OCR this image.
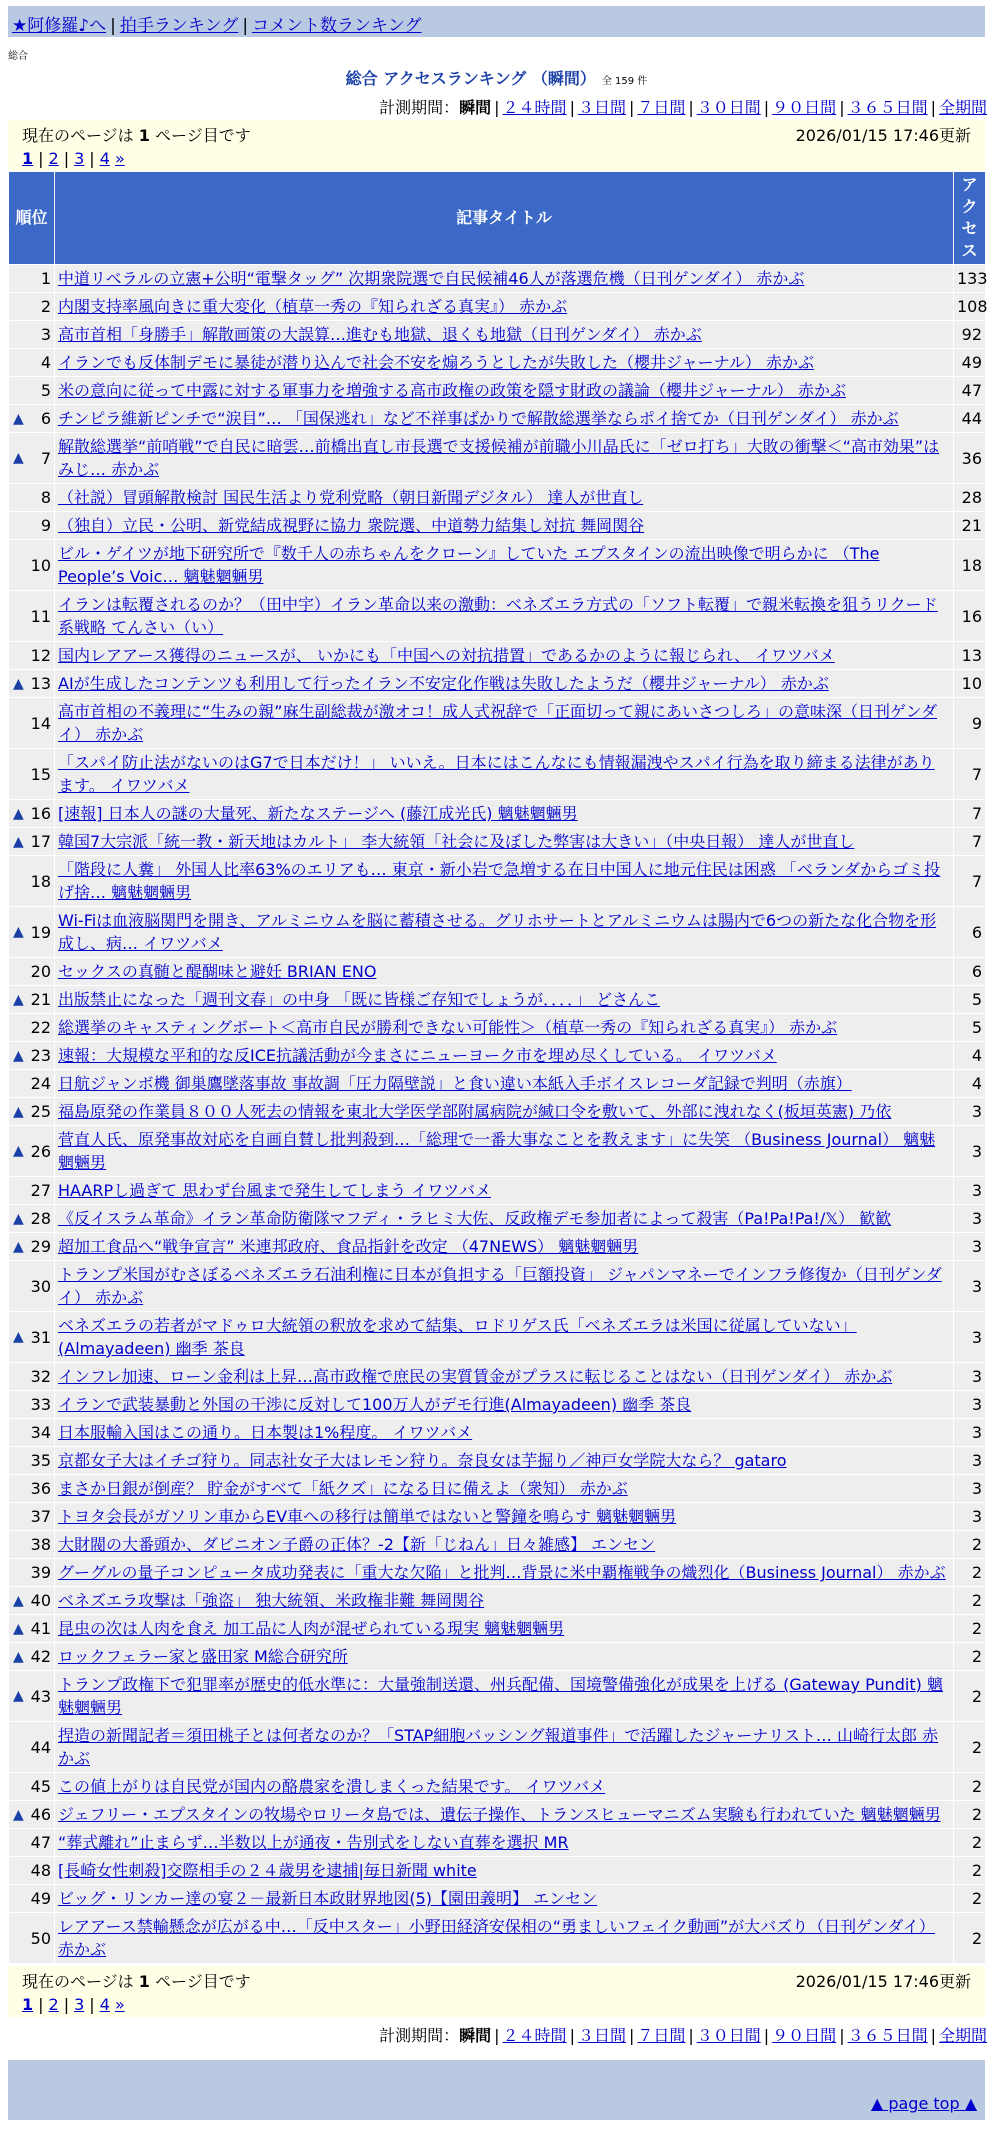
★阿修羅♪へ | 拍手ランキング | コメント数ランキング
総合
総合 アクセスランキング （瞬間） 全 159 件
計測期間：瞬間 | ２４時間 | ３日間 | ７日間 | ３０日間 | ９０日間 | ３６５日間 | 全期間
現在のページは 1 ページ目です	2026/01/15 17:46更新
1 | 2 | 3 | 4 »
順位	記事タイトル	アクセス
1	中道リベラルの立憲+公明“電撃タッグ” 次期衆院選で自民候補46人が落選危機（日刊ゲンダイ） 赤かぶ	133
2	内閣支持率風向きに重大変化（植草一秀の『知られざる真実』） 赤かぶ	108
3	高市首相「身勝手」解散画策の大誤算…進むも地獄、退くも地獄（日刊ゲンダイ） 赤かぶ	92
4	イランでも反体制デモに暴徒が潜り込んで社会不安を煽ろうとしたが失敗した（櫻井ジャーナル） 赤かぶ	49
5	米の意向に従って中露に対する軍事力を増強する高市政権の政策を隠す財政の議論（櫻井ジャーナル） 赤かぶ	47

▲ 6	チンピラ維新ピンチで“涙目”… 「国保逃れ」など不祥事ばかりで解散総選挙ならポイ捨てか（日刊ゲンダイ） 赤かぶ	44

▲ 7	解散総選挙“前哨戦”で自民に暗雲…前橋出直し市長選で支援候補が前職小川晶氏に「ゼロ打ち」大敗の衝撃＜“高市効果”はみじ… 赤かぶ	36
8	（社説）冒頭解散検討 国民生活より党利党略（朝日新聞デジタル） 達人が世直し	28
9	（独自）立民・公明、新党結成視野に協力 衆院選、中道勢力結集し対抗 舞岡関谷	21
10	ビル・ゲイツが地下研究所で『数千人の赤ちゃんをクローン』していた エプスタインの流出映像で明らかに （The People’s Voic… 魑魅魍魎男	18
11	イランは転覆されるのか？（田中宇）イラン革命以来の激動：ベネズエラ方式の「ソフト転覆」で親米転換を狙うリクード系戦略 てんさい（い）	16
12	国内レアアース獲得のニュースが、 いかにも「中国への対抗措置」であるかのように報じられ、 イワツバメ	13

▲ 13	AIが生成したコンテンツも利用して行ったイラン不安定化作戦は失敗したようだ（櫻井ジャーナル） 赤かぶ	10
14	高市首相の不義理に“生みの親”麻生副総裁が激オコ！成人式祝辞で「正面切って親にあいさつしろ」の意味深（日刊ゲンダイ） 赤かぶ	9
15	「スパイ防止法がないのはG7で日本だけ！」 いいえ。日本にはこんなにも情報漏洩やスパイ行為を取り締まる法律があります。 イワツバメ	7

▲ 16	[速報] 日本人の謎の大量死、新たなステージへ (藤江成光氏) 魑魅魍魎男	7

▲ 17	韓国7大宗派「統一教・新天地はカルト」 李大統領「社会に及ぼした弊害は大きい」（中央日報） 達人が世直し	7
18	「階段に人糞」 外国人比率63%のエリアも… 東京・新小岩で急増する在日中国人に地元住民は困惑 「ベランダからゴミ投げ捨… 魑魅魍魎男	7

▲ 19	Wi-Fiは血液脳関門を開き、アルミニウムを脳に蓄積させる。グリホサートとアルミニウムは腸内で6つの新たな化合物を形成し、病… イワツバメ	6
20	セックスの真髄と醍醐味と避妊 BRIAN ENO	6

▲ 21	出版禁止になった「週刊文春」の中身 「既に皆様ご存知でしょうが．．．．」 どさんこ	5
22	総選挙のキャスティングボート＜高市自民が勝利できない可能性＞（植草一秀の『知られざる真実』） 赤かぶ	5

▲ 23	速報：大規模な平和的な反ICE抗議活動が今まさにニューヨーク市を埋め尽くしている。 イワツバメ	4
24	日航ジャンボ機 御巣鷹墜落事故 事故調「圧力隔壁説」と食い違い本紙入手ボイスレコーダ記録で判明（赤旗）	4

▲ 25	福島原発の作業員８００人死去の情報を東北大学医学部附属病院が緘口令を敷いて、外部に洩れなく(板垣英憲) 乃依	3

▲ 26	菅直人氏、原発事故対応を自画自賛し批判殺到…「総理で一番大事なことを教えます」に失笑 （Business Journal） 魑魅魍魎男	3
27	HAARPし過ぎて 思わず台風まで発生してしまう イワツバメ	3

▲ 28	《反イスラム革命》イラン革命防衛隊マフディ・ラヒミ大佐、反政権デモ参加者によって殺害（Pa!Pa!Pa!/𝕏） 歓歓	3

▲ 29	超加工食品へ“戦争宣言” 米連邦政府、食品指針を改定 （47NEWS） 魑魅魍魎男	3
30	トランプ米国がむさぼるベネズエラ石油利権に日本が負担する「巨額投資」 ジャパンマネーでインフラ修復か（日刊ゲンダイ） 赤かぶ	3

▲ 31	ベネズエラの若者がマドゥロ大統領の釈放を求めて結集、ロドリゲス氏「ベネズエラは米国に従属していない」(Almayadeen) 幽季 茶良	3
32	インフレ加速、ローン金利は上昇…高市政権で庶民の実質賃金がプラスに転じることはない（日刊ゲンダイ） 赤かぶ	3
33	イランで武装暴動と外国の干渉に反対して100万人がデモ行進(Almayadeen) 幽季 茶良	3
34	日本服輸入国はこの通り。日本製は1%程度。 イワツバメ	3
35	京都女子大はイチゴ狩り。同志社女子大はレモン狩り。奈良女は芋掘り／神戸女学院大なら？ gataro	3
36	まさか日銀が倒産？ 貯金がすべて「紙クズ」になる日に備えよ（衆知） 赤かぶ	3
37	トヨタ会長がガソリン車からEV車への移行は簡単ではないと警鐘を鳴らす 魑魅魍魎男	3
38	大財閥の大番頭か、ダビニオン子爵の正体？-2【新「じねん」日々雑感】 エンセン	2
39	グーグルの量子コンピュータ成功発表に「重大な欠陥」と批判…背景に米中覇権戦争の熾烈化（Business Journal） 赤かぶ	2

▲ 40	ベネズエラ攻撃は「強盗」 独大統領、米政権非難 舞岡関谷	2

▲ 41	昆虫の次は人肉を食え 加工品に人肉が混ぜられている現実 魑魅魍魎男	2

▲ 42	ロックフェラー家と盛田家 M総合研究所	2

▲ 43	トランプ政権下で犯罪率が歴史的低水準に：大量強制送還、州兵配備、国境警備強化が成果を上げる (Gateway Pundit) 魑魅魍魎男	2
44	捏造の新聞記者＝須田桃子とは何者なのか？「STAP細胞バッシング報道事件」で活躍したジャーナリスト… 山崎行太郎 赤かぶ	2
45	この値上がりは自民党が国内の酪農家を潰しまくった結果です。 イワツバメ	2

▲ 46	ジェフリー・エプスタインの牧場やロリータ島では、遺伝子操作、トランスヒューマニズム実験も行われていた 魑魅魍魎男	2
47	“葬式離れ”止まらず…半数以上が通夜・告別式をしない直葬を選択 MR	2
48	[長崎女性刺殺]交際相手の２４歳男を逮捕|毎日新聞 white	2
49	ビッグ・リンカー達の宴２－最新日本政財界地図(5)【園田義明】 エンセン	2
50	レアアース禁輸懸念が広がる中…「反中スター」小野田経済安保相の“勇ましいフェイク動画”が大バズり（日刊ゲンダイ） 赤かぶ	2
現在のページは 1 ページ目です	2026/01/15 17:46更新
1 | 2 | 3 | 4 »
計測期間：瞬間 | ２４時間 | ３日間 | ７日間 | ３０日間 | ９０日間 | ３６５日間 | 全期間
▲ page top ▲
